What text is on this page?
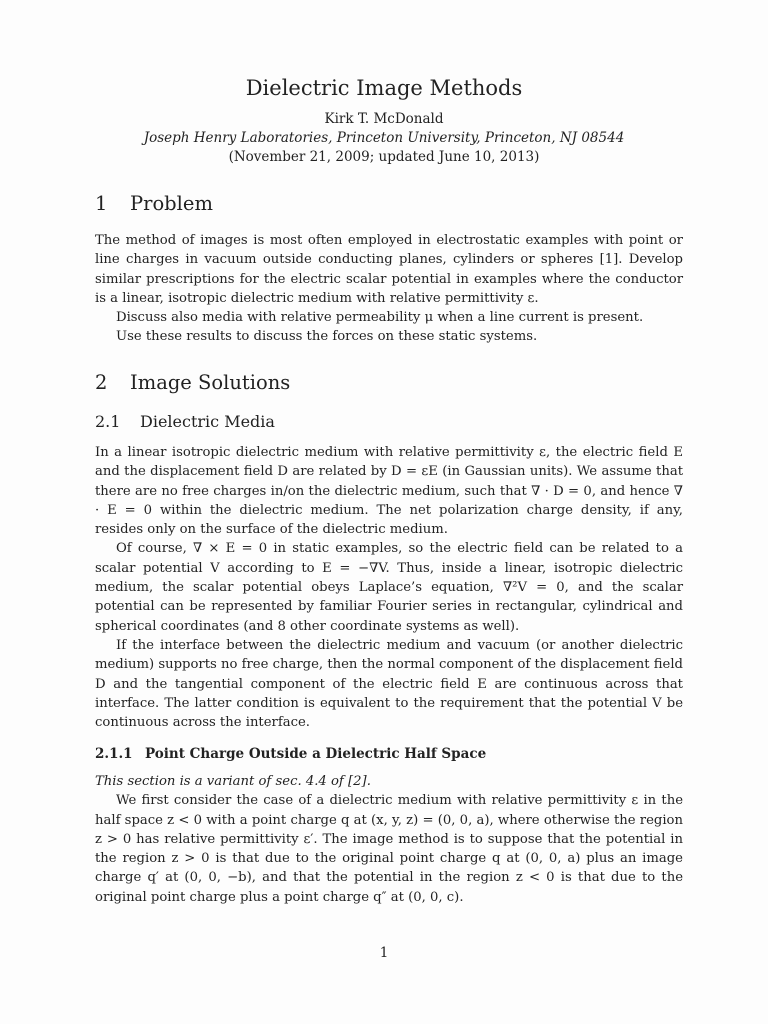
Dielectric Image Methods
Kirk T. McDonald
Joseph Henry Laboratories, Princeton University, Princeton, NJ 08544
(November 21, 2009; updated June 10, 2013)
1 Problem

The method of images is most often employed in electrostatic examples with point or line charges in vacuum outside conducting planes, cylinders or spheres [1]. Develop similar prescriptions for the electric scalar potential in examples where the conductor is a linear, isotropic dielectric medium with relative permittivity ε.

Discuss also media with relative permeability μ when a line current is present.

Use these results to discuss the forces on these static systems.

2 Image Solutions
2.1 Dielectric Media

In a linear isotropic dielectric medium with relative permittivity ε, the electric field E and the displacement field D are related by D = εE (in Gaussian units). We assume that there are no free charges in/on the dielectric medium, such that ∇ · D = 0, and hence ∇ · E = 0 within the dielectric medium. The net polarization charge density, if any, resides only on the surface of the dielectric medium.

Of course, ∇ × E = 0 in static examples, so the electric field can be related to a scalar potential V according to E = −∇V. Thus, inside a linear, isotropic dielectric medium, the scalar potential obeys Laplace’s equation, ∇²V = 0, and the scalar potential can be represented by familiar Fourier series in rectangular, cylindrical and spherical coordinates (and 8 other coordinate systems as well).

If the interface between the dielectric medium and vacuum (or another dielectric medium) supports no free charge, then the normal component of the displacement field D and the tangential component of the electric field E are continuous across that interface. The latter condition is equivalent to the requirement that the potential V be continuous across the interface.

2.1.1 Point Charge Outside a Dielectric Half Space

This section is a variant of sec. 4.4 of [2].

We first consider the case of a dielectric medium with relative permittivity ε in the half space z < 0 with a point charge q at (x, y, z) = (0, 0, a), where otherwise the region z > 0 has relative permittivity ε′. The image method is to suppose that the potential in the region z > 0 is that due to the original point charge q at (0, 0, a) plus an image charge q′ at (0, 0, −b), and that the potential in the region z < 0 is that due to the original point charge plus a point charge q″ at (0, 0, c).

1
